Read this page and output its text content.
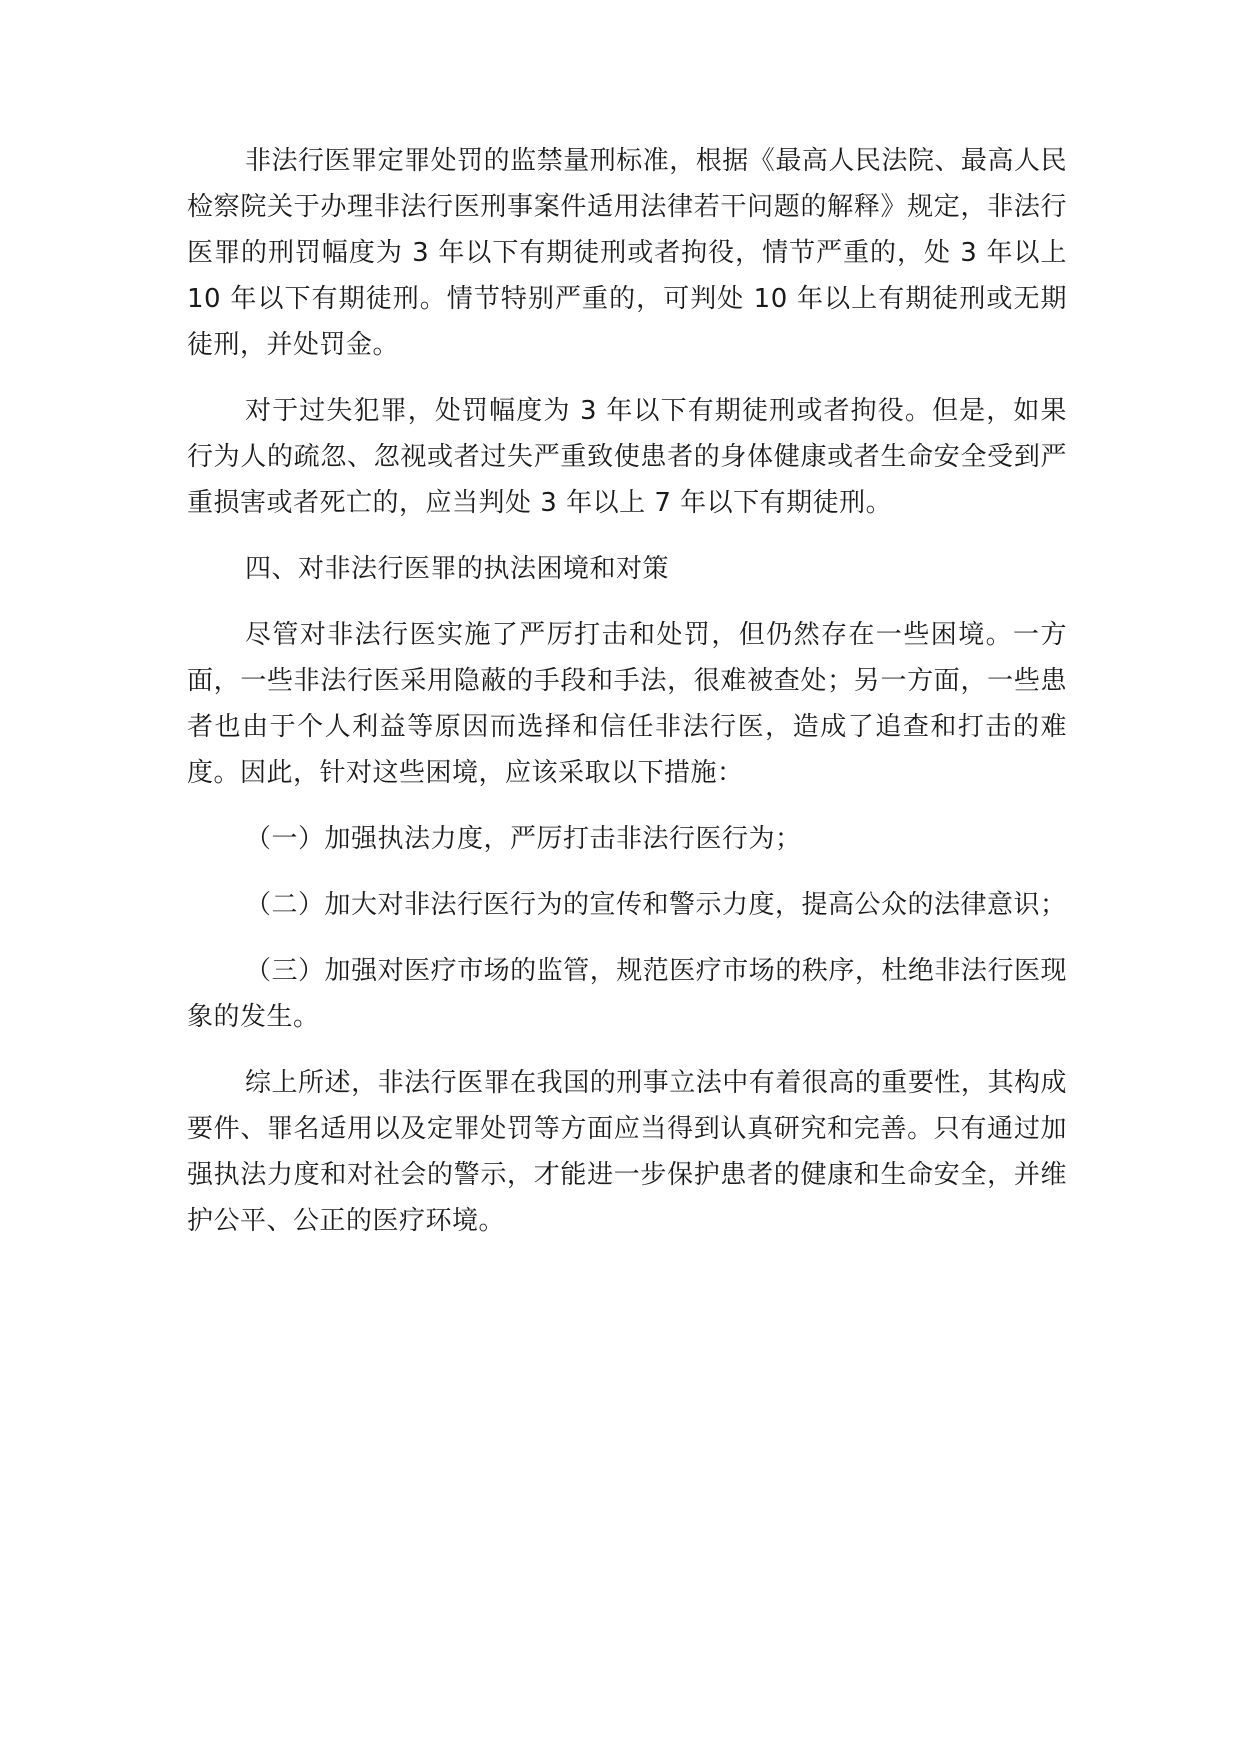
非法行医罪定罪处罚的监禁量刑标准，根据《最高人民法院、最高人民检察院关于办理非法行医刑事案件适用法律若干问题的解释》规定，非法行医罪的刑罚幅度为 3 年以下有期徒刑或者拘役，情节严重的，处 3 年以上 10 年以下有期徒刑。情节特别严重的，可判处 10 年以上有期徒刑或无期徒刑，并处罚金。

对于过失犯罪，处罚幅度为 3 年以下有期徒刑或者拘役。但是，如果行为人的疏忽、忽视或者过失严重致使患者的身体健康或者生命安全受到严重损害或者死亡的，应当判处 3 年以上 7 年以下有期徒刑。

四、对非法行医罪的执法困境和对策

尽管对非法行医实施了严厉打击和处罚，但仍然存在一些困境。一方面，一些非法行医采用隐蔽的手段和手法，很难被查处；另一方面，一些患者也由于个人利益等原因而选择和信任非法行医，造成了追查和打击的难度。因此，针对这些困境，应该采取以下措施：

（一）加强执法力度，严厉打击非法行医行为；

（二）加大对非法行医行为的宣传和警示力度，提高公众的法律意识；

（三）加强对医疗市场的监管，规范医疗市场的秩序，杜绝非法行医现象的发生。

综上所述，非法行医罪在我国的刑事立法中有着很高的重要性，其构成要件、罪名适用以及定罪处罚等方面应当得到认真研究和完善。只有通过加强执法力度和对社会的警示，才能进一步保护患者的健康和生命安全，并维护公平、公正的医疗环境。
